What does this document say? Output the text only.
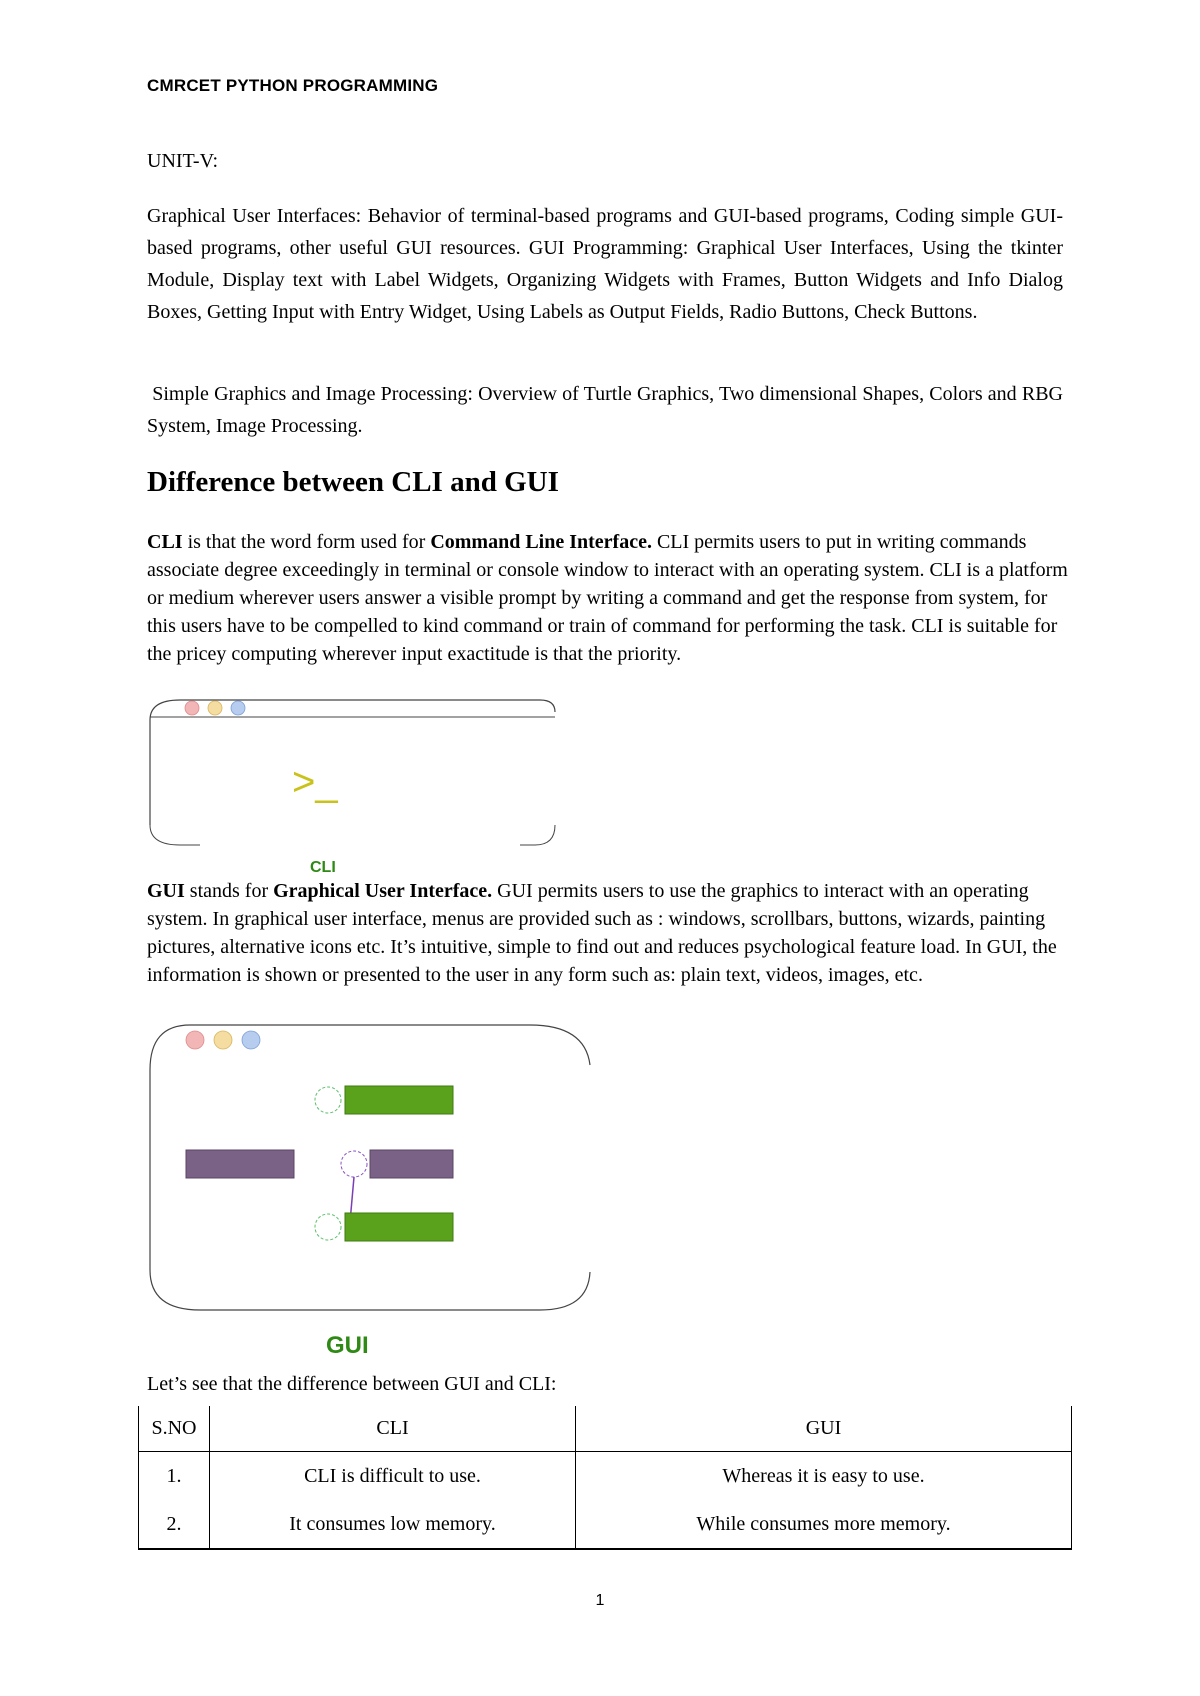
CMRCET PYTHON PROGRAMMING
UNIT-V:
Graphical User Interfaces: Behavior of terminal-based programs and GUI-based programs, Coding simple GUI-based programs, other useful GUI resources. GUI Programming: Graphical User Interfaces, Using the tkinter Module, Display text with Label Widgets, Organizing Widgets with Frames, Button Widgets and Info Dialog Boxes, Getting Input with Entry Widget, Using Labels as Output Fields, Radio Buttons, Check Buttons.
Simple Graphics and Image Processing: Overview of Turtle Graphics, Two dimensional Shapes, Colors and RBG System, Image Processing.
Difference between CLI and GUI
CLI is that the word form used for Command Line Interface. CLI permits users to put in writing commands associate degree exceedingly in terminal or console window to interact with an operating system. CLI is a platform or medium wherever users answer a visible prompt by writing a command and get the response from system, for this users have to be compelled to kind command or train of command for performing the task. CLI is suitable for the pricey computing wherever input exactitude is that the priority.
>_
CLI
GUI stands for Graphical User Interface. GUI permits users to use the graphics to interact with an operating system. In graphical user interface, menus are provided such as : windows, scrollbars, buttons, wizards, painting pictures, alternative icons etc. It’s intuitive, simple to find out and reduces psychological feature load. In GUI, the information is shown or presented to the user in any form such as: plain text, videos, images, etc.
GUI
Let’s see that the difference between GUI and CLI:
S.NO	CLI	GUI
1.	CLI is difficult to use.	Whereas it is easy to use.
2.	It consumes low memory.	While consumes more memory.
1
